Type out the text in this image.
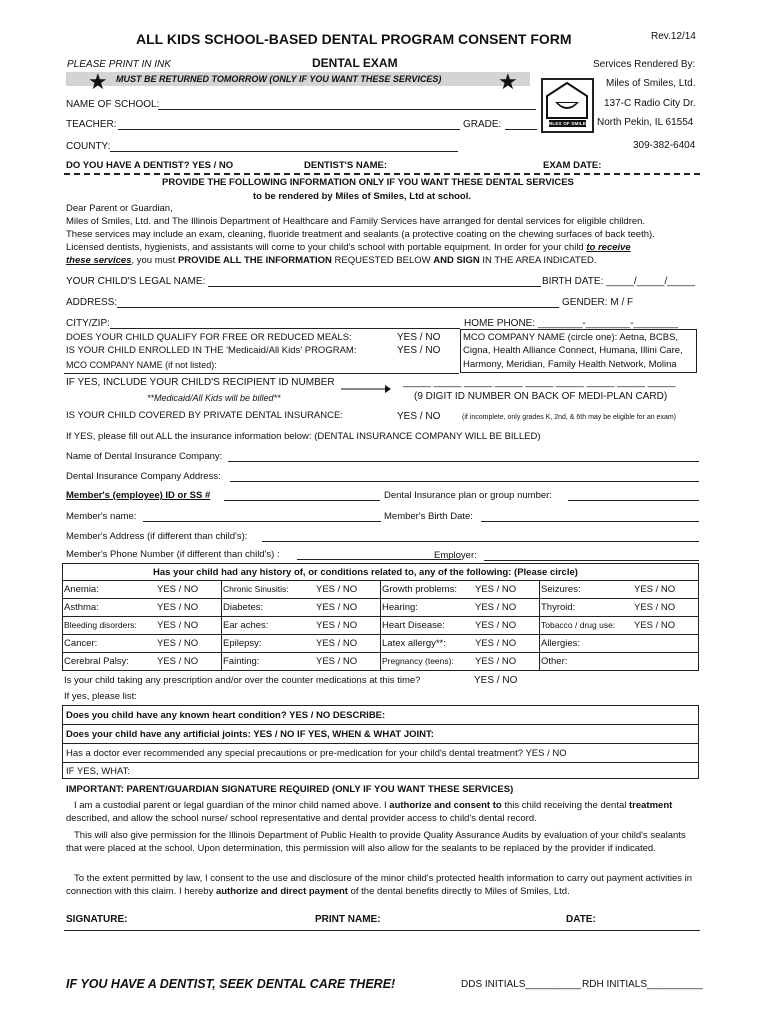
ALL KIDS SCHOOL-BASED DENTAL PROGRAM CONSENT FORM	Rev.12/14
PLEASE PRINT IN INK	DENTAL EXAM	Services Rendered By:
★	★
MUST BE RETURNED TOMORROW (ONLY IF YOU WANT THESE SERVICES)
MILES OF SMILES
Miles of Smiles, Ltd.
137-C Radio City Dr.
North Pekin, IL 61554
309-382-6404
NAME OF SCHOOL:
TEACHER:	GRADE:
COUNTY:
DO YOU HAVE A DENTIST? YES / NO	DENTIST'S NAME:	EXAM DATE:
PROVIDE THE FOLLOWING INFORMATION ONLY IF YOU WANT THESE DENTAL SERVICES
to be rendered by Miles of Smiles, Ltd at school.
Dear Parent or Guardian,
Miles of Smiles, Ltd. and The Illinois Department of Healthcare and Family Services have arranged for dental services for eligible children.
These services may include an exam, cleaning, fluoride treatment and sealants (a protective coating on the chewing surfaces of back teeth).
Licensed dentists, hygienists, and assistants will come to your child's school with portable equipment. In order for your child to receive
these services, you must PROVIDE ALL THE INFORMATION REQUESTED BELOW AND SIGN IN THE AREA INDICATED.
YOUR CHILD'S LEGAL NAME:	BIRTH DATE: _____/_____/_____
ADDRESS:	GENDER: M / F
CITY/ZIP:	HOME PHONE: ________-________-________
DOES YOUR CHILD QUALIFY FOR FREE OR REDUCED MEALS:	YES / NO
IS YOUR CHILD ENROLLED IN THE 'Medicaid/All Kids' PROGRAM:	YES / NO
MCO COMPANY NAME (if not listed):
MCO COMPANY NAME (circle one): Aetna, BCBS,
Cigna, Health Alliance Connect, Humana, Illini Care,
Harmony, Meridian, Family Health Network, Molina
IF YES, INCLUDE YOUR CHILD'S RECIPIENT ID NUMBER	_____ _____ _____ _____ _____ _____ _____ _____ _____
**Medicaid/All Kids will be billed**	(9 DIGIT ID NUMBER ON BACK OF MEDI-PLAN CARD)
IS YOUR CHILD COVERED BY PRIVATE DENTAL INSURANCE:	YES / NO	(if incomplete, only grades K, 2nd, & 6th may be eligible for an exam)
If YES, please fill out ALL the insurance information below: (DENTAL INSURANCE COMPANY WILL BE BILLED)
Name of Dental Insurance Company:
Dental Insurance Company Address:
Member's (employee) ID or SS #	Dental Insurance plan or group number:
Member's name:	Member's Birth Date:
Member's Address (if different than child's):
Member's Phone Number (if different than child's) :	Employer:
Has your child had any history of, or conditions related to, any of the following: (Please circle)
Anemia:	YES / NO	Chronic Sinusitis:	YES / NO	Growth problems: YES / NO	Seizures:	YES / NO
Asthma:	YES / NO	Diabetes:	YES / NO	Hearing:	YES / NO	Thyroid:	YES / NO
Bleeding disorders: YES / NO	Ear aches:	YES / NO	Heart Disease:	YES / NO	Tobacco / drug use: YES / NO
Cancer:	YES / NO	Epilepsy:	YES / NO	Latex allergy**:	YES / NO	Allergies:
Cerebral Palsy:	YES / NO	Fainting:	YES / NO	Pregnancy (teens): YES / NO	Other:
Is your child taking any prescription and/or over the counter medications at this time?	YES / NO
If yes, please list:
Does you child have any known heart condition? YES / NO DESCRIBE:
Does your child have any artificial joints: YES / NO IF YES, WHEN & WHAT JOINT:
Has a doctor ever recommended any special precautions or pre-medication for your child's dental treatment? YES / NO
IF YES, WHAT:
IMPORTANT: PARENT/GUARDIAN SIGNATURE REQUIRED (ONLY IF YOU WANT THESE SERVICES)
I am a custodial parent or legal guardian of the minor child named above. I authorize and consent to this child receiving the dental treatment described, and allow the school nurse/ school representative and dental provider access to child's dental record.
This will also give permission for the Illinois Department of Public Health to provide Quality Assurance Audits by evaluation of your child's sealants that were placed at the school. Upon determination, this permission will also allow for the sealants to be replaced by the provider if indicated.
To the extent permitted by law, I consent to the use and disclosure of the minor child's protected health information to carry out payment activities in connection with this claim. I hereby authorize and direct payment of the dental benefits directly to Miles of Smiles, Ltd.
SIGNATURE:	PRINT NAME:	DATE:
IF YOU HAVE A DENTIST, SEEK DENTAL CARE THERE!	DDS INITIALS__________ RDH INITIALS__________
